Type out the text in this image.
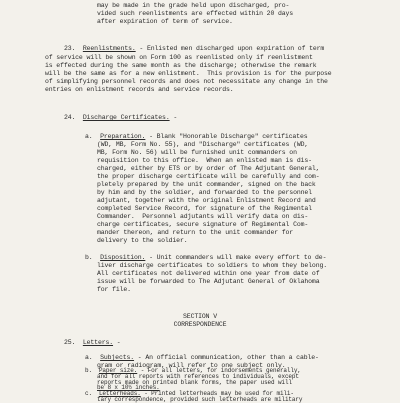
may be made in the grade held upon discharged, pro-
vided such reenlistments are effected within 20 days
after expiration of term of service.
23. Reenlistments. - Enlisted men discharged upon expiration of term
of service will be shown on Form 100 as reenlisted only if reenlistment
is effected during the same month as the discharge; otherwise the remark
will be the same as for a new enlistment.  This provision is for the purpose
of simplifying personnel records and does not necessitate any change in the
entries on enlistment records and service records.
24. Discharge Certificates. -
a. Preparation. - Blank "Honorable Discharge" certificates
(WD, MB, Form No. 55), and "Discharge" certificates (WD,
MB, Form No. 56) will be furnished unit commanders on
requisition to this office.  When an enlisted man is dis-
charged, either by ETS or by order of The Adjutant General,
the proper discharge certificate will be carefully and com-
pletely prepared by the unit commander, signed on the back
by him and by the soldier, and forwarded to the personnel
adjutant, together with the original Enlistment Record and
completed Service Record, for signature of the Regimental
Commander.  Personnel adjutants will verify data on dis-
charge certificates, secure signature of Regimental Com-
mander thereon, and return to the unit commander for
delivery to the soldier.
b. Disposition. - Unit commanders will make every effort to de-
liver discharge certificates to soldiers to whom they belong.
All certificates not delivered within one year from date of
issue will be forwarded to The Adjutant General of Oklahoma
for file.
SECTION V
CORRESPONDENCE
25. Letters. -
a. Subjects. - An official communication, other than a cable-
gram or radiogram, will refer to one subject only.
b. Paper size. - For all letters, for indorsements generally,
and for all reports with references to individuals, except
reports made on printed blank forms, the paper used will
be 8 x 10½ inches.
c. Letterheads. - Printed letterheads may be used for mili-
tary correspondence, provided such letterheads are military
